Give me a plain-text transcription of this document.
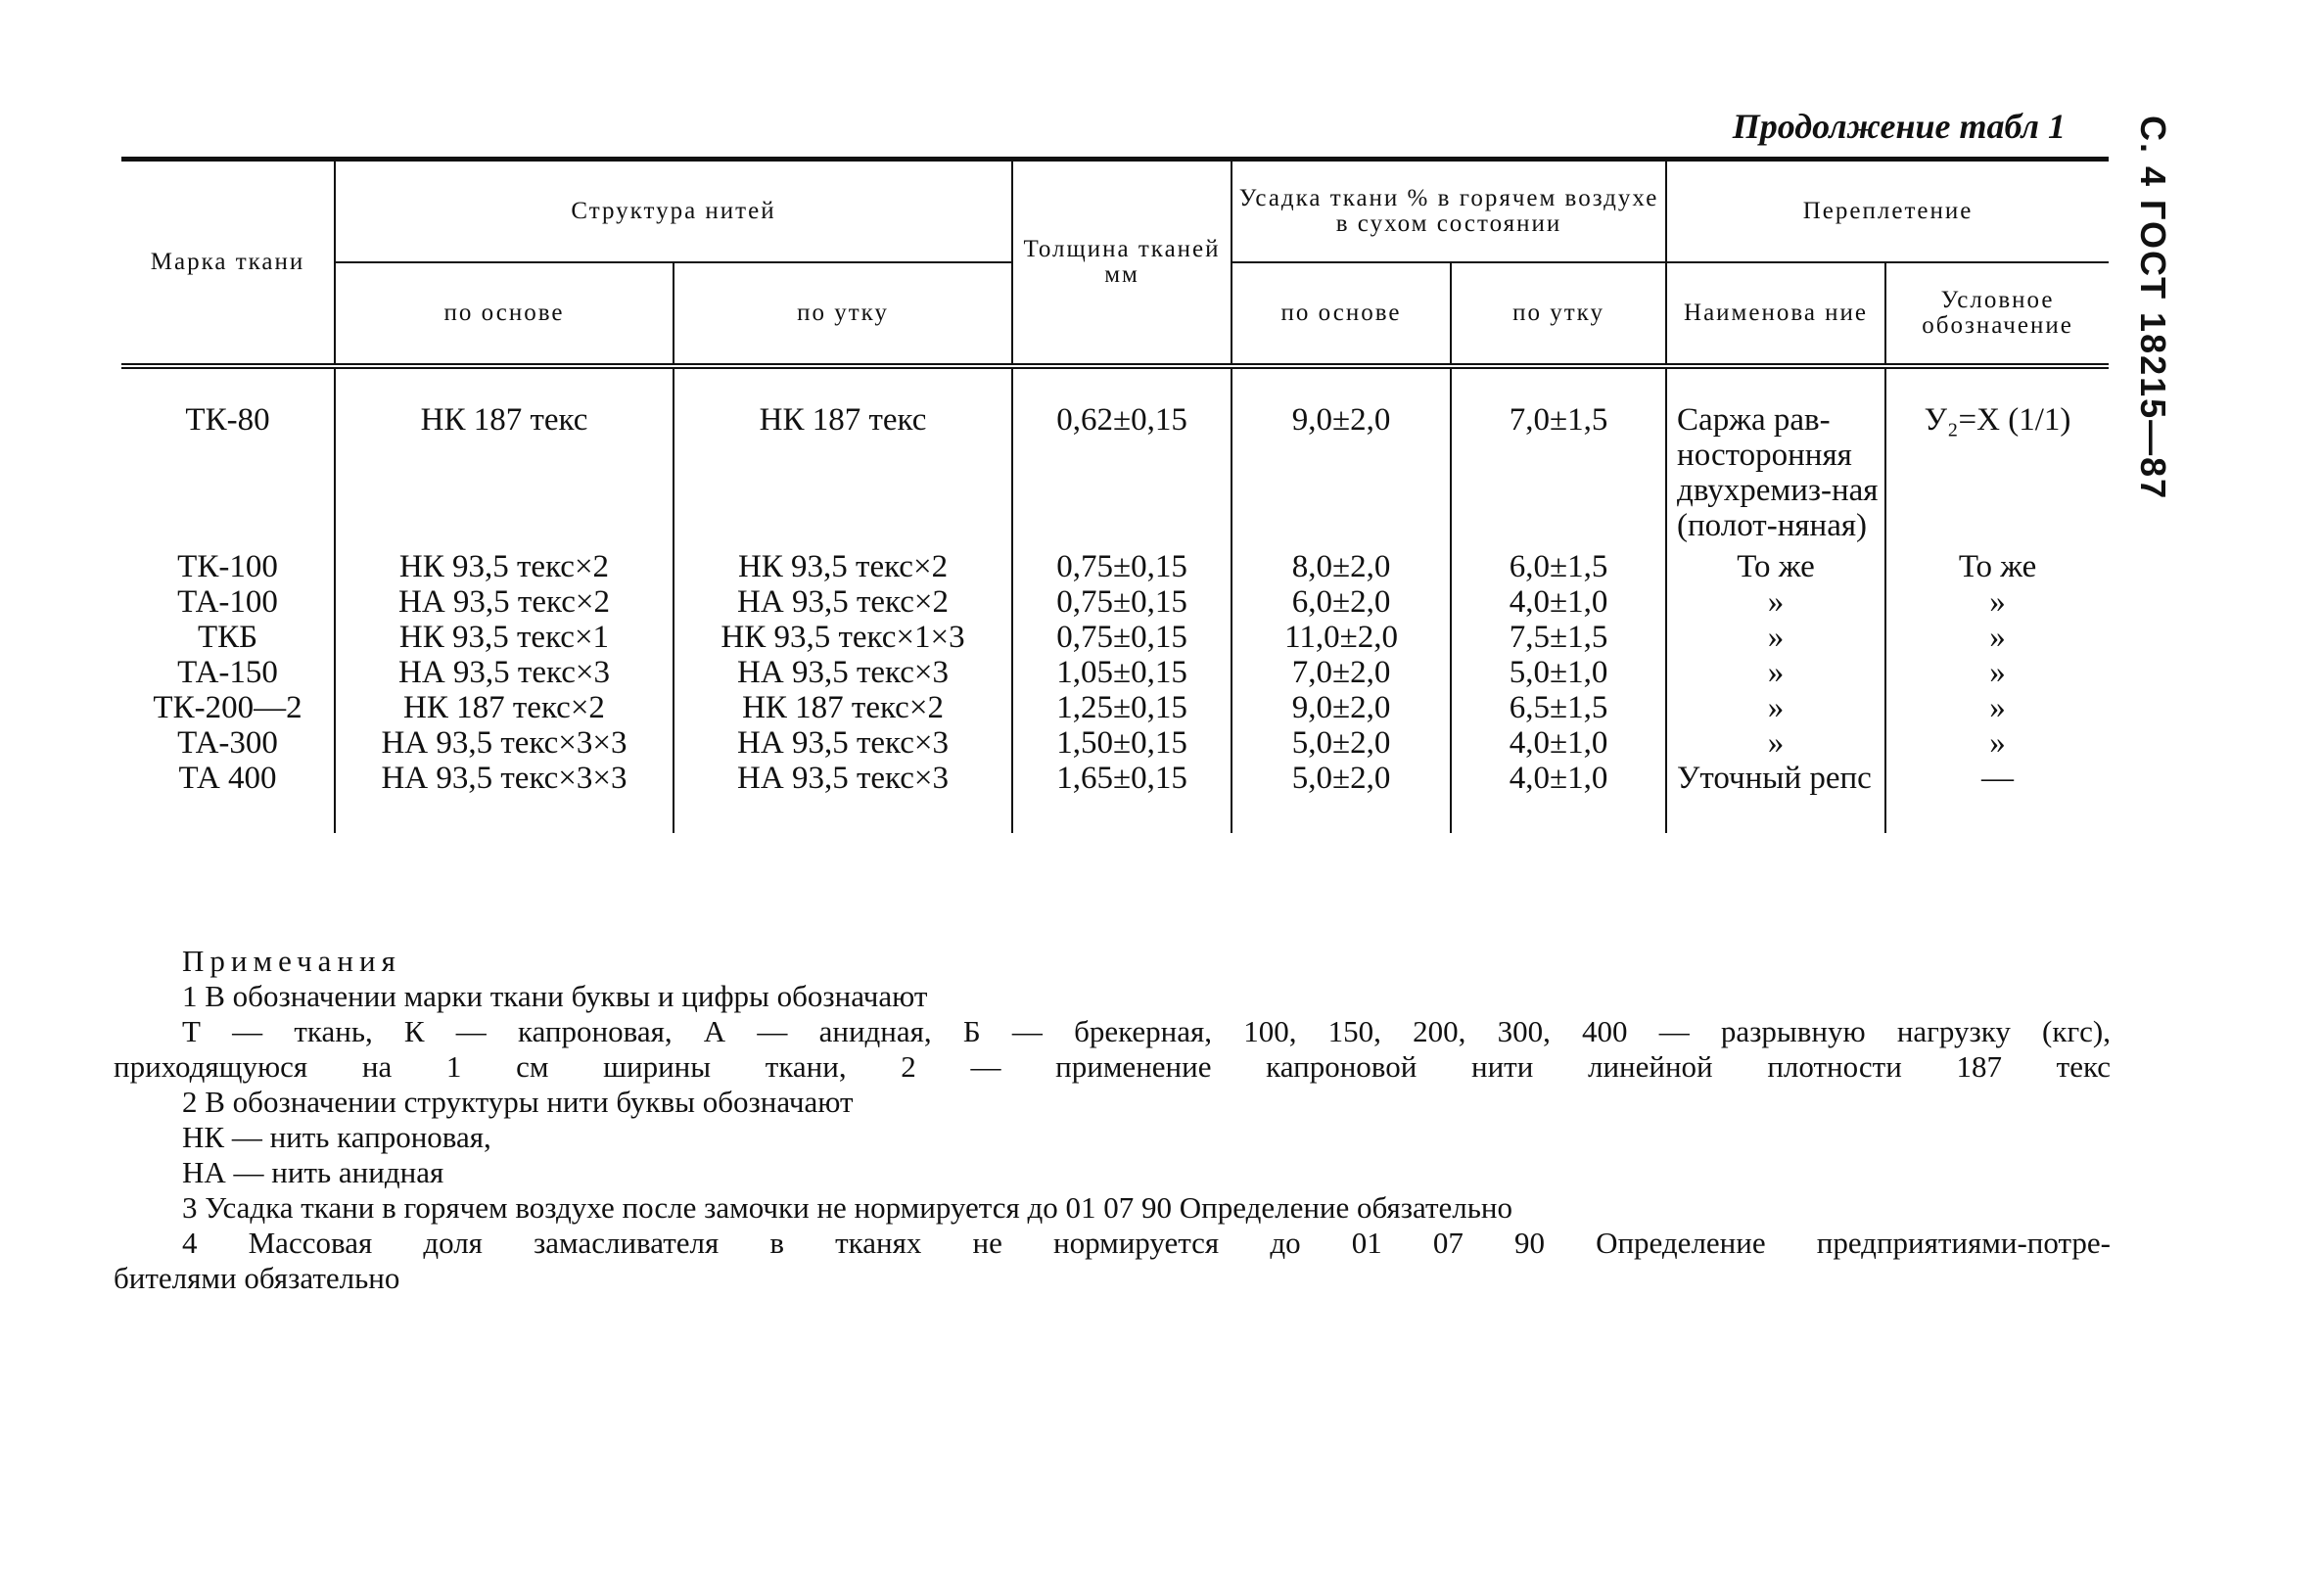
С. 4 ГОСТ 18215—87
Продолжение табл 1
Марка ткани	Структура нитей		Толщина тканей мм	Усадка ткани % в горячем воздухе в сухом состоянии		Переплетение	
	по основе	по утку		по основе	по утку	Наименова ние	Условное обозначение
ТК-80	НК 187 текс	НК 187 текс	0,62±0,15	9,0±2,0	7,0±1,5	Саржа рав-носторонняя двухремиз-ная (полот-няная)	У₂=Х (1/1)
ТК-100	НК 93,5 текс×2	НК 93,5 текс×2	0,75±0,15	8,0±2,0	6,0±1,5	То же	То же
ТА-100	НА 93,5 текс×2	НА 93,5 текс×2	0,75±0,15	6,0±2,0	4,0±1,0	»	»
ТКБ	НК 93,5 текс×1	НК 93,5 текс×1×3	0,75±0,15	11,0±2,0	7,5±1,5	»	»
ТА-150	НА 93,5 текс×3	НА 93,5 текс×3	1,05±0,15	7,0±2,0	5,0±1,0	»	»
ТК-200—2	НК 187 текс×2	НК 187 текс×2	1,25±0,15	9,0±2,0	6,5±1,5	»	»
ТА-300	НА 93,5 текс×3×3	НА 93,5 текс×3	1,50±0,15	5,0±2,0	4,0±1,0	»	»
ТА 400	НА 93,5 текс×3×3	НА 93,5 текс×3	1,65±0,15	5,0±2,0	4,0±1,0	Уточный репс	—
Примечания
1 В обозначении марки ткани буквы и цифры обозначают
Т — ткань, К — капроновая, А — анидная, Б — брекерная, 100, 150, 200, 300, 400 — разрывную нагрузку (кгс),
приходящуюся на 1 см ширины ткани, 2 — применение капроновой нити линейной плотности 187 текс
2 В обозначении структуры нити буквы обозначают
НК — нить капроновая,
НА — нить анидная
3 Усадка ткани в горячем воздухе после замочки не нормируется до 01 07 90 Определение обязательно
4 Массовая доля замасливателя в тканях не нормируется до 01 07 90 Определение предприятиями-потре-
бителями обязательно
